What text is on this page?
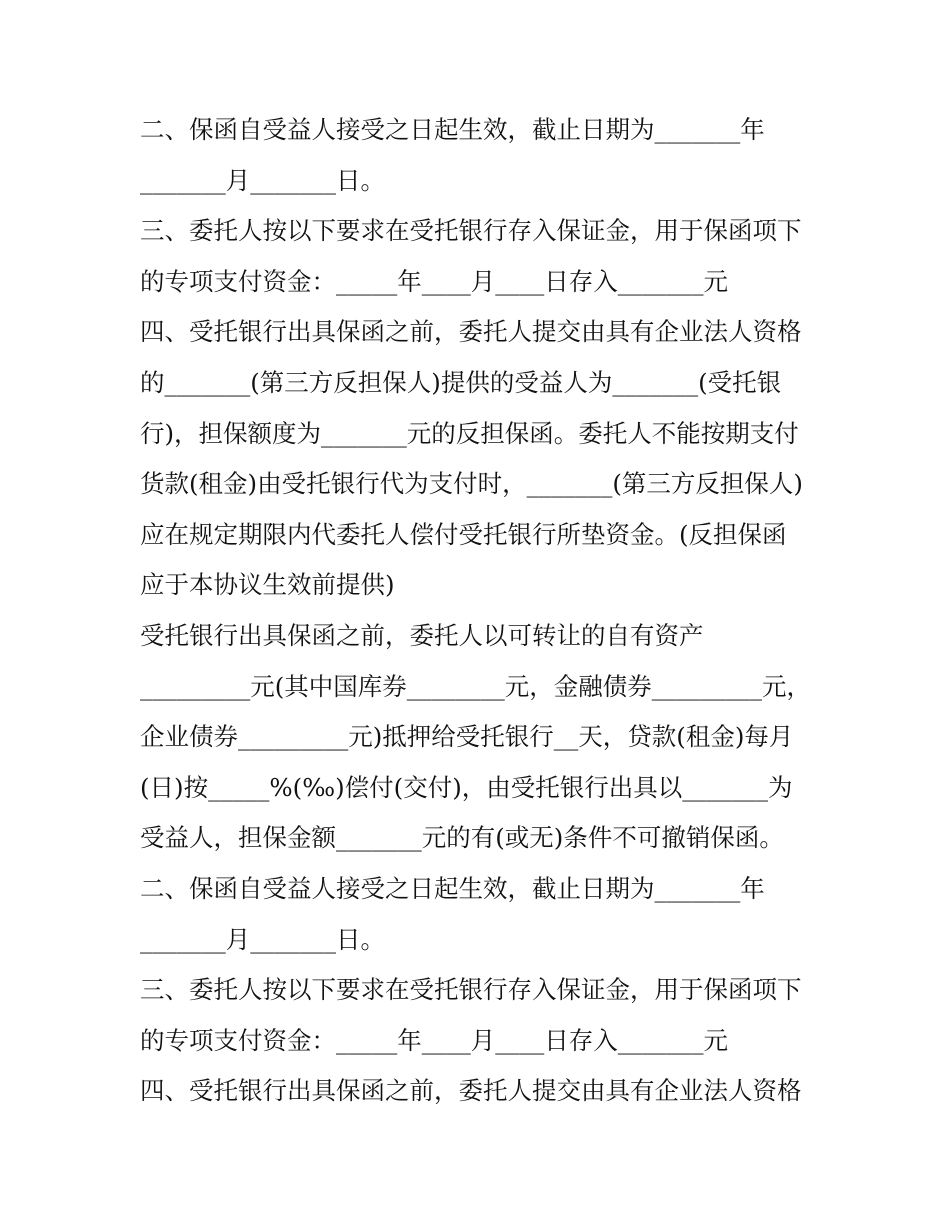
二、保函自受益人接受之日起生效，截止日期为_______年
_______月_______日。
三、委托人按以下要求在受托银行存入保证金，用于保函项下
的专项支付资金：_____年____月____日存入_______元
四、受托银行出具保函之前，委托人提交由具有企业法人资格
的_______(第三方反担保人)提供的受益人为_______(受托银
行)，担保额度为_______元的反担保函。委托人不能按期支付
货款(租金)由受托银行代为支付时，_______(第三方反担保人)
应在规定期限内代委托人偿付受托银行所垫资金。(反担保函
应于本协议生效前提供)
受托银行出具保函之前，委托人以可转让的自有资产
_________元(其中国库券________元，金融债券_________元，
企业债券_________元)抵押给受托银行__天，贷款(租金)每月
(日)按_____%(‰)偿付(交付)，由受托银行出具以_______为
受益人，担保金额_______元的有(或无)条件不可撤销保函。
二、保函自受益人接受之日起生效，截止日期为_______年
_______月_______日。
三、委托人按以下要求在受托银行存入保证金，用于保函项下
的专项支付资金：_____年____月____日存入_______元
四、受托银行出具保函之前，委托人提交由具有企业法人资格
